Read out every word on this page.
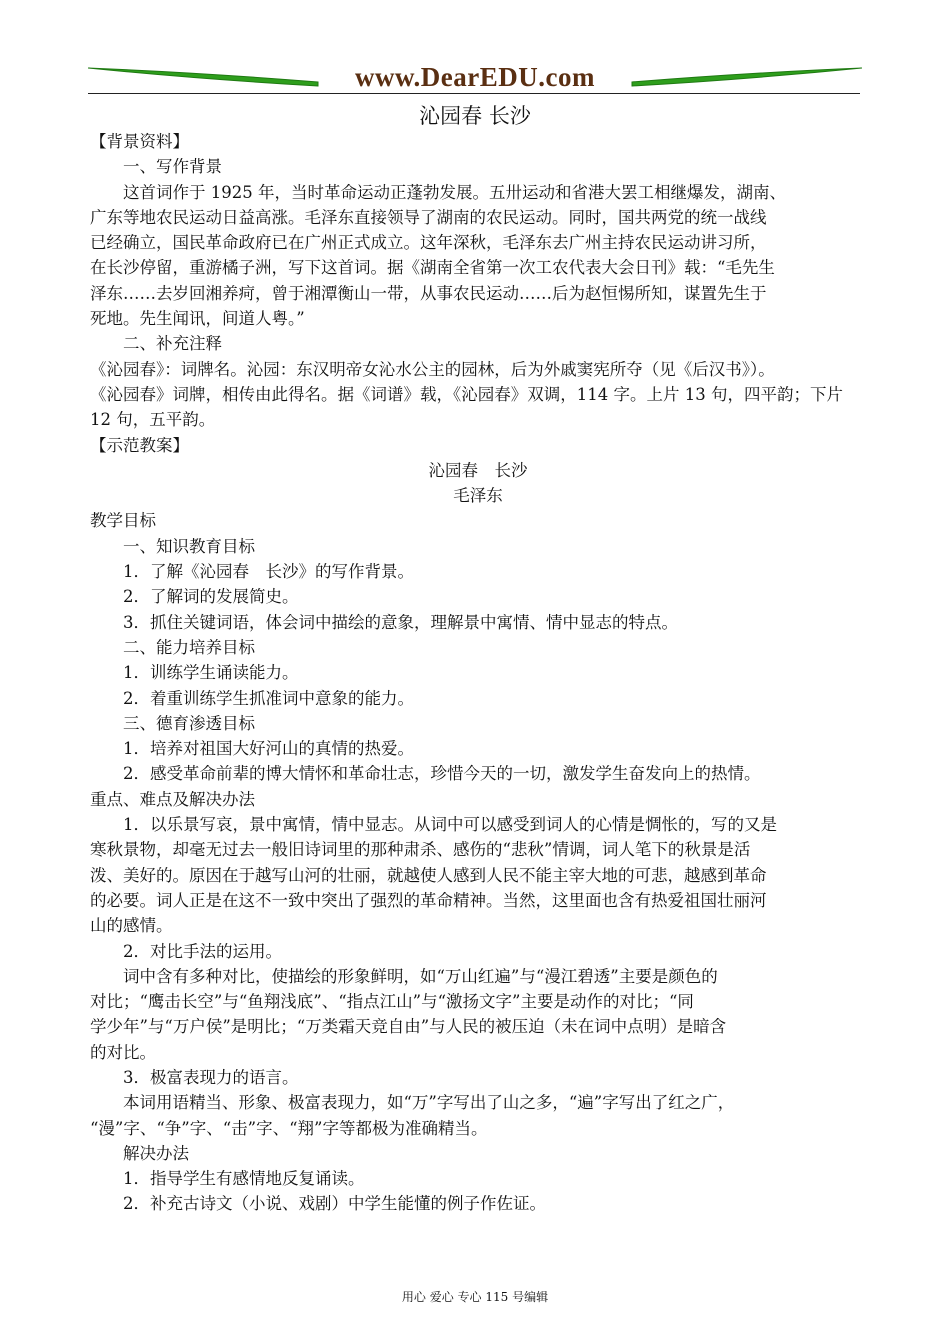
www.DearEDU.com
沁园春 长沙

【背景资料】

一、写作背景

这首词作于 1925 年，当时革命运动正蓬勃发展。五卅运动和省港大罢工相继爆发，湖南、

广东等地农民运动日益高涨。毛泽东直接领导了湖南的农民运动。同时，国共两党的统一战线

已经确立，国民革命政府已在广州正式成立。这年深秋，毛泽东去广州主持农民运动讲习所，

在长沙停留，重游橘子洲，写下这首词。据《湖南全省第一次工农代表大会日刊》载：“毛先生

泽东……去岁回湘养疴，曾于湘潭衡山一带，从事农民运动……后为赵恒惕所知，谋置先生于

死地。先生闻讯，间道人粤。”

二、补充注释

《沁园春》：词牌名。沁园：东汉明帝女沁水公主的园林，后为外戚窦宪所夺（见《后汉书》）。

《沁园春》词牌，相传由此得名。据《词谱》载，《沁园春》双调，114 字。上片 13 句，四平韵；下片

12 句，五平韵。

【示范教案】

沁园春　长沙

毛泽东

教学目标

一、知识教育目标

1．了解《沁园春　长沙》的写作背景。

2．了解词的发展简史。

3．抓住关键词语，体会词中描绘的意象，理解景中寓情、情中显志的特点。

二、能力培养目标

1．训练学生诵读能力。

2．着重训练学生抓准词中意象的能力。

三、德育渗透目标

1．培养对祖国大好河山的真情的热爱。

2．感受革命前辈的博大情怀和革命壮志，珍惜今天的一切，激发学生奋发向上的热情。

重点、难点及解决办法

1．以乐景写哀，景中寓情，情中显志。从词中可以感受到词人的心情是惆怅的，写的又是

寒秋景物，却毫无过去一般旧诗词里的那种肃杀、感伤的“悲秋”情调，词人笔下的秋景是活

泼、美好的。原因在于越写山河的壮丽，就越使人感到人民不能主宰大地的可悲，越感到革命

的必要。词人正是在这不一致中突出了强烈的革命精神。当然，这里面也含有热爱祖国壮丽河

山的感情。

2．对比手法的运用。

词中含有多种对比，使描绘的形象鲜明，如“万山红遍”与“漫江碧透”主要是颜色的

对比；“鹰击长空”与“鱼翔浅底”、“指点江山”与“激扬文字”主要是动作的对比；“同

学少年”与“万户侯”是明比；“万类霜天竞自由”与人民的被压迫（未在词中点明）是暗含

的对比。

3．极富表现力的语言。

本词用语精当、形象、极富表现力，如“万”字写出了山之多，“遍”字写出了红之广，

“漫”字、“争”字、“击”字、“翔”字等都极为准确精当。

解决办法

1．指导学生有感情地反复诵读。

2．补充古诗文（小说、戏剧）中学生能懂的例子作佐证。

用心 爱心 专心 115 号编辑
